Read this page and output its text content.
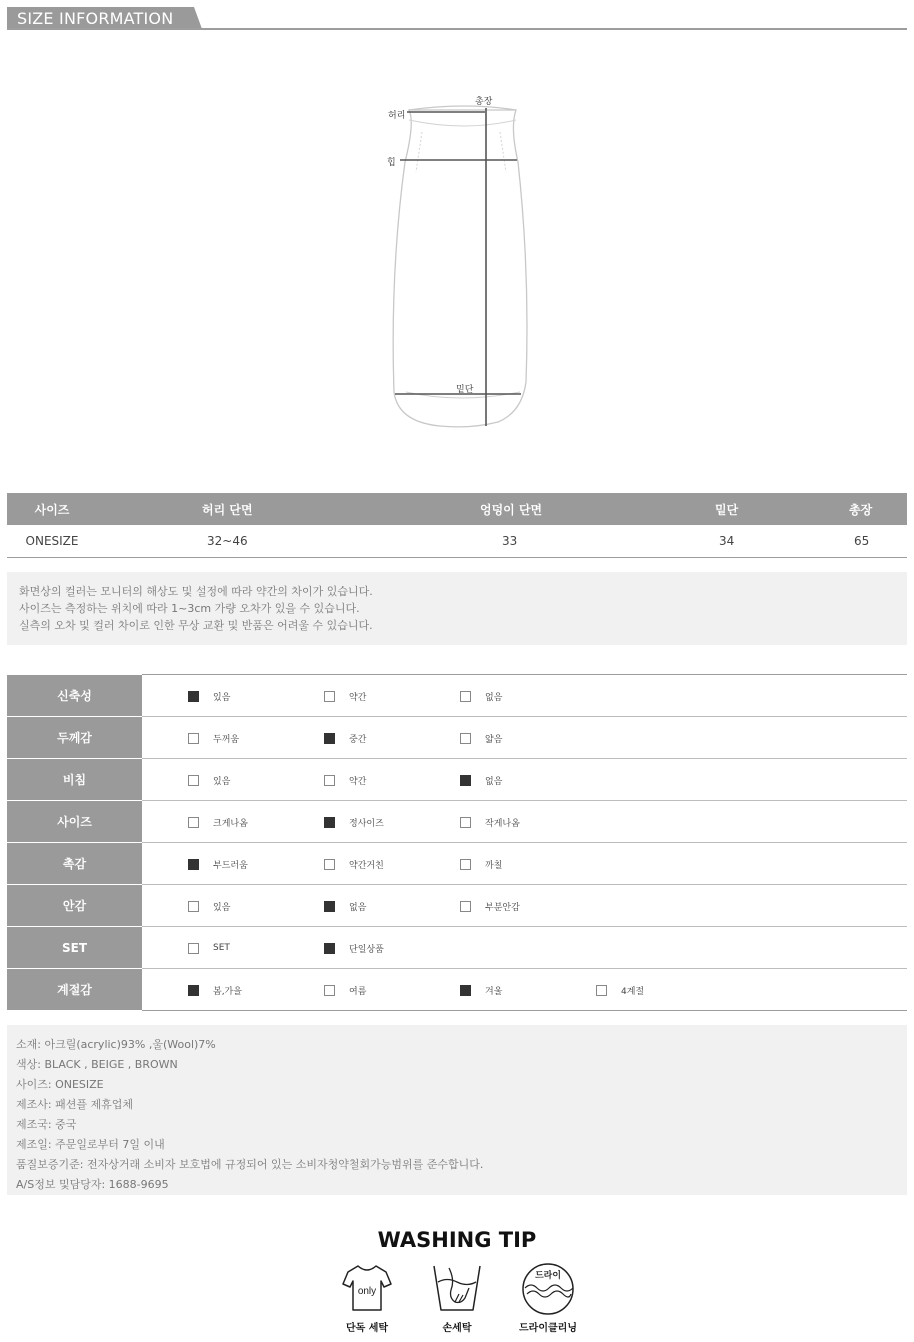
SIZE INFORMATION
허리
총장
힙
밑단
사이즈	허리 단면	엉덩이 단면	밑단	총장
ONESIZE	32~46	33	34	65
화면상의 컬러는 모니터의 해상도 및 설정에 따라 약간의 차이가 있습니다.
사이즈는 측정하는 위치에 따라 1~3cm 가량 오차가 있을 수 있습니다.
실측의 오차 및 컬러 차이로 인한 무상 교환 및 반품은 어려울 수 있습니다.
신축성	있음 약간 없음

두께감	두꺼움 중간 얇음

비침	있음 약간 없음

사이즈	크게나옴 정사이즈 작게나옴

촉감	부드러움 약간거친 까칠

안감	있음 없음 부분안감

SET	SET 단일상품

계절감	봄,가을 여름 겨울 4계절
소재: 아크릴(acrylic)93% ,울(Wool)7%
색상: BLACK , BEIGE , BROWN
사이즈: ONESIZE
제조사: 패션플 제휴업체
제조국: 중국
제조일: 주문일로부터 7일 이내
품질보증기준: 전자상거래 소비자 보호법에 규정되어 있는 소비자청약철회가능범위를 준수합니다.
A/S정보 및담당자: 1688-9695
WASHING TIP
only
드라이
단독 세탁	손세탁	드라이클리닝
